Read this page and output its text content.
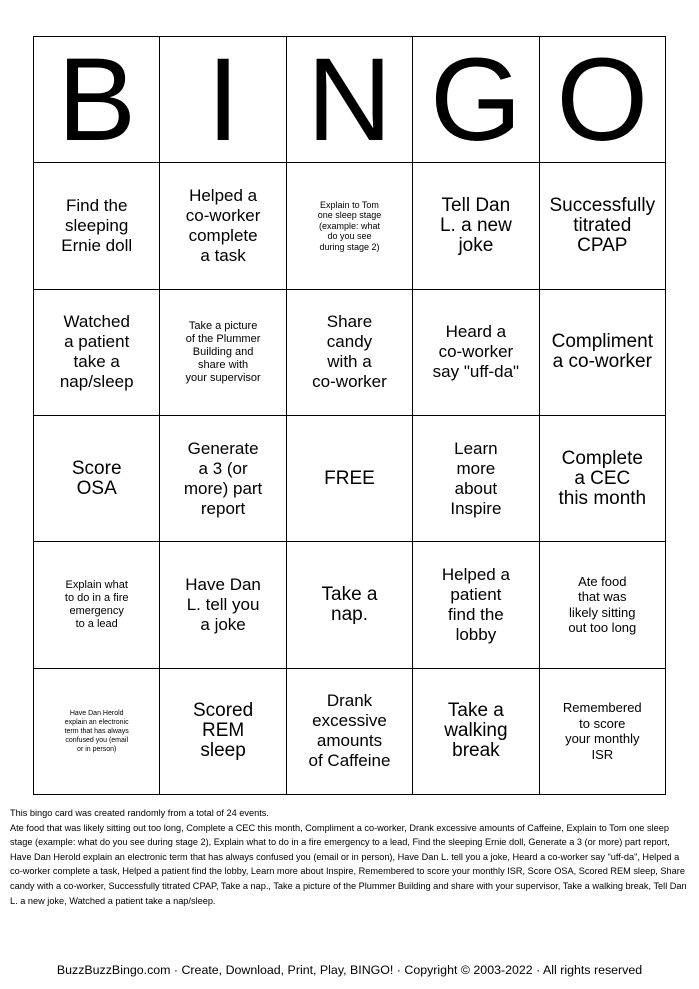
B I N G O
Find the
sleeping
Ernie doll
Helped a
co-worker
complete
a task
Explain to Tom
one sleep stage
(example: what
do you see
during stage 2)
Tell Dan
L. a new
joke
Successfully
titrated
CPAP
Watched
a patient
take a
nap/sleep
Take a picture
of the Plummer
Building and
share with
your supervisor
Share
candy
with a
co-worker
Heard a
co-worker
say "uff-da"
Compliment
a co-worker
Score
OSA
Generate
a 3 (or
more) part
report
FREE
Learn
more
about
Inspire
Complete
a CEC
this month
Explain what
to do in a fire
emergency
to a lead
Have Dan
L. tell you
a joke
Take a
nap.
Helped a
patient
find the
lobby
Ate food
that was
likely sitting
out too long
Have Dan Herold
explain an electronic
term that has always
confused you (email
or in person)
Scored
REM
sleep
Drank
excessive
amounts
of Caffeine
Take a
walking
break
Remembered
to score
your monthly
ISR

This bingo card was created randomly from a total of 24 events.

Ate food that was likely sitting out too long, Complete a CEC this month, Compliment a co-worker, Drank excessive amounts of Caffeine, Explain to Tom one sleep stage (example: what do you see during stage 2), Explain what to do in a fire emergency to a lead, Find the sleeping Ernie doll, Generate a 3 (or more) part report, Have Dan Herold explain an electronic term that has always confused you (email or in person), Have Dan L. tell you a joke, Heard a co-worker say "uff-da", Helped a co-worker complete a task, Helped a patient find the lobby, Learn more about Inspire, Remembered to score your monthly ISR, Score OSA, Scored REM sleep, Share candy with a co-worker, Successfully titrated CPAP, Take a nap., Take a picture of the Plummer Building and share with your supervisor, Take a walking break, Tell Dan L. a new joke, Watched a patient take a nap/sleep.

BuzzBuzzBingo.com · Create, Download, Print, Play, BINGO! · Copyright © 2003-2022 · All rights reserved
